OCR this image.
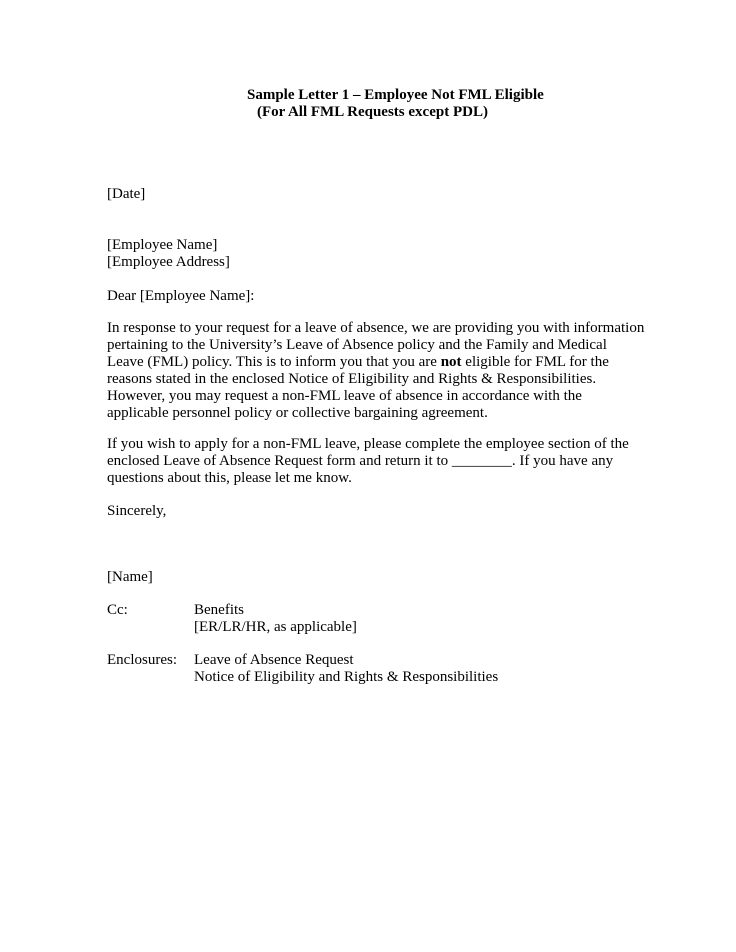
Sample Letter 1 – Employee Not FML Eligible
(For All FML Requests except PDL)
[Date]
[Employee Name]
[Employee Address]
Dear [Employee Name]:
In response to your request for a leave of absence, we are providing you with information
pertaining to the University’s Leave of Absence policy and the Family and Medical
Leave (FML) policy. This is to inform you that you are not eligible for FML for the
reasons stated in the enclosed Notice of Eligibility and Rights & Responsibilities.
However, you may request a non-FML leave of absence in accordance with the
applicable personnel policy or collective bargaining agreement.
If you wish to apply for a non-FML leave, please complete the employee section of the
enclosed Leave of Absence Request form and return it to ________. If you have any
questions about this, please let me know.
Sincerely,
[Name]
Cc:	Benefits
[ER/LR/HR, as applicable]
Enclosures: Leave of Absence Request
Notice of Eligibility and Rights & Responsibilities
